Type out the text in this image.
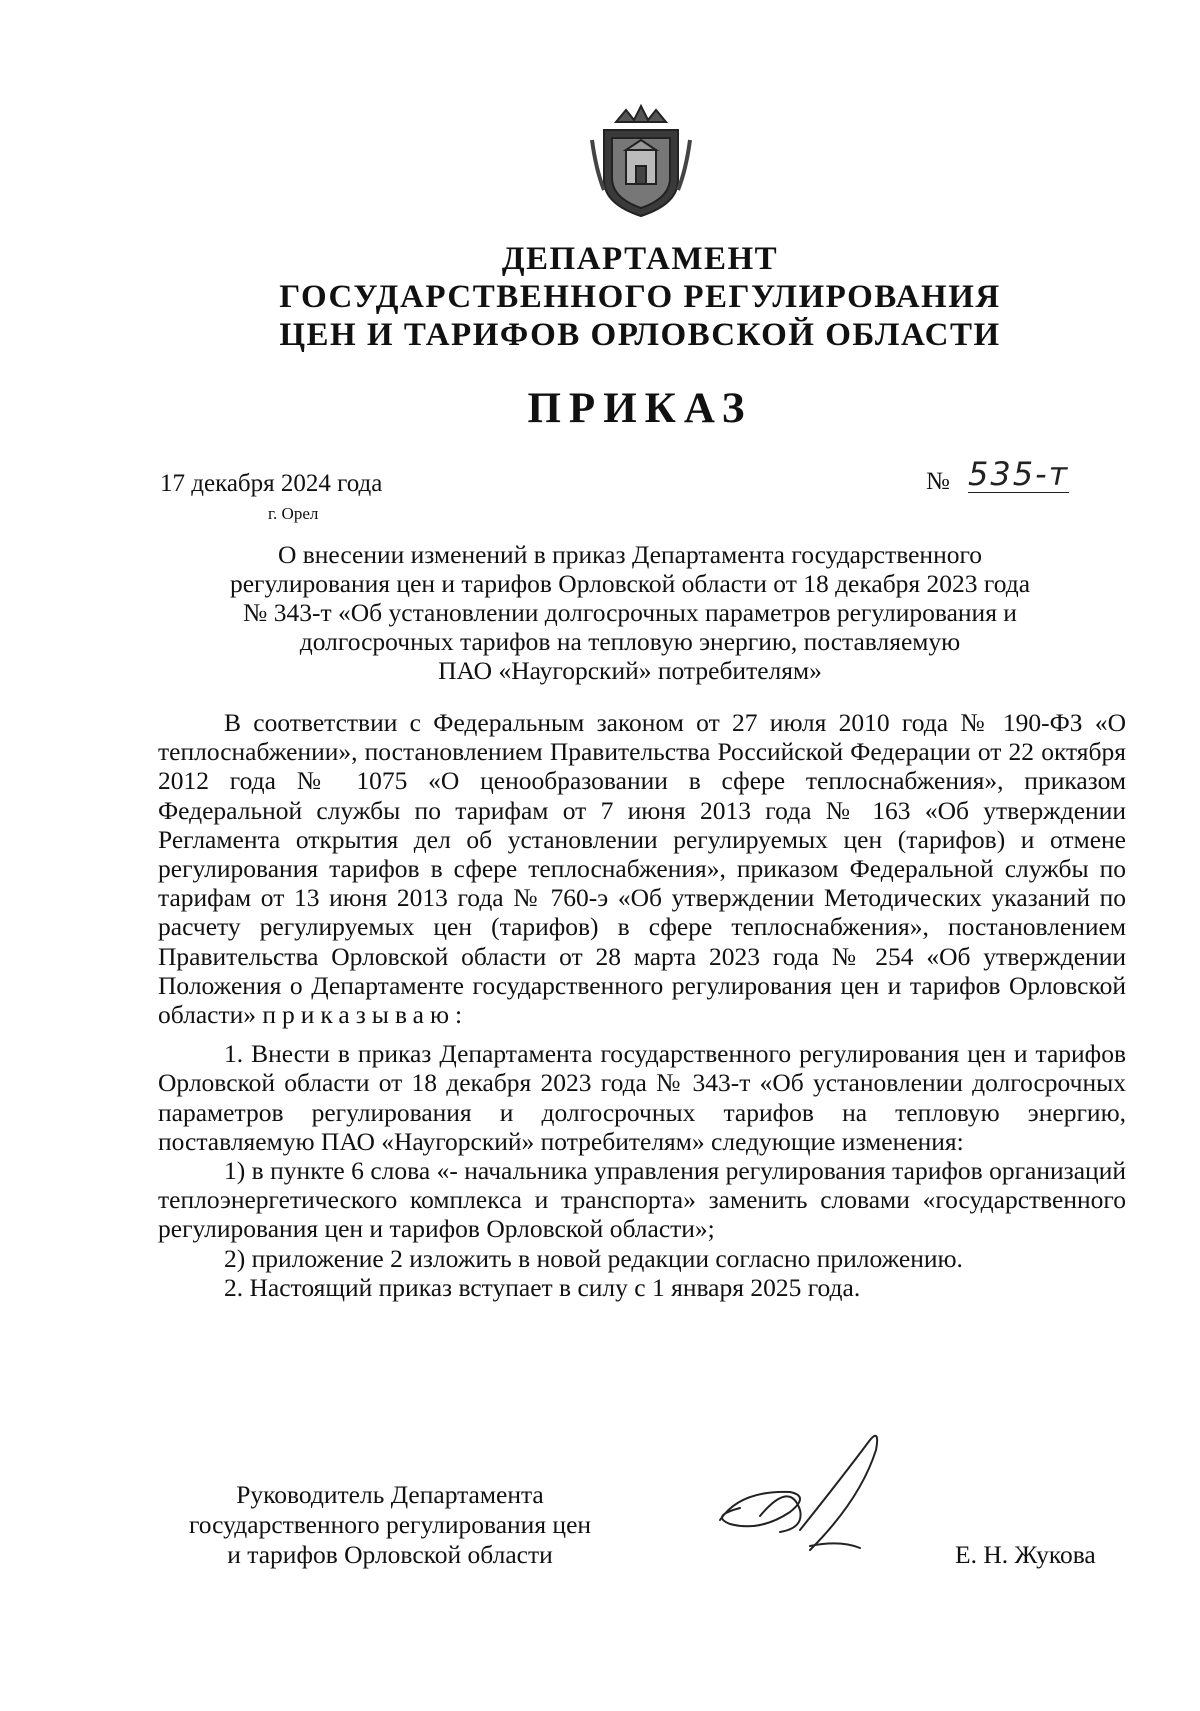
ДЕПАРТАМЕНТ
ГОСУДАРСТВЕННОГО РЕГУЛИРОВАНИЯ
ЦЕН И ТАРИФОВ ОРЛОВСКОЙ ОБЛАСТИ
ПРИКАЗ
17 декабря 2024 года
г. Орел
№ 535-т
О внесении изменений в приказ Департамента государственного
регулирования цен и тарифов Орловской области от 18 декабря 2023 года
№ 343-т «Об установлении долгосрочных параметров регулирования и
долгосрочных тарифов на тепловую энергию, поставляемую
ПАО «Наугорский» потребителям»

В соответствии с Федеральным законом от 27 июля 2010 года № 190-ФЗ «О теплоснабжении», постановлением Правительства Российской Федерации от 22 октября 2012 года № 1075 «О ценообразовании в сфере теплоснабжения», приказом Федеральной службы по тарифам от 7 июня 2013 года № 163 «Об утверждении Регламента открытия дел об установлении регулируемых цен (тарифов) и отмене регулирования тарифов в сфере теплоснабжения», приказом Федеральной службы по тарифам от 13 июня 2013 года № 760-э «Об утверждении Методических указаний по расчету регулируемых цен (тарифов) в сфере теплоснабжения», постановлением Правительства Орловской области от 28 марта 2023 года № 254 «Об утверждении Положения о Департаменте государственного регулирования цен и тарифов Орловской области» приказываю:

1. Внести в приказ Департамента государственного регулирования цен и тарифов Орловской области от 18 декабря 2023 года № 343-т «Об установлении долгосрочных параметров регулирования и долгосрочных тарифов на тепловую энергию, поставляемую ПАО «Наугорский» потребителям» следующие изменения:

1) в пункте 6 слова «- начальника управления регулирования тарифов организаций теплоэнергетического комплекса и транспорта» заменить словами «государственного регулирования цен и тарифов Орловской области»;

2) приложение 2 изложить в новой редакции согласно приложению.

2. Настоящий приказ вступает в силу с 1 января 2025 года.

Руководитель Департамента
государственного регулирования цен
и тарифов Орловской области	Е. Н. Жукова
